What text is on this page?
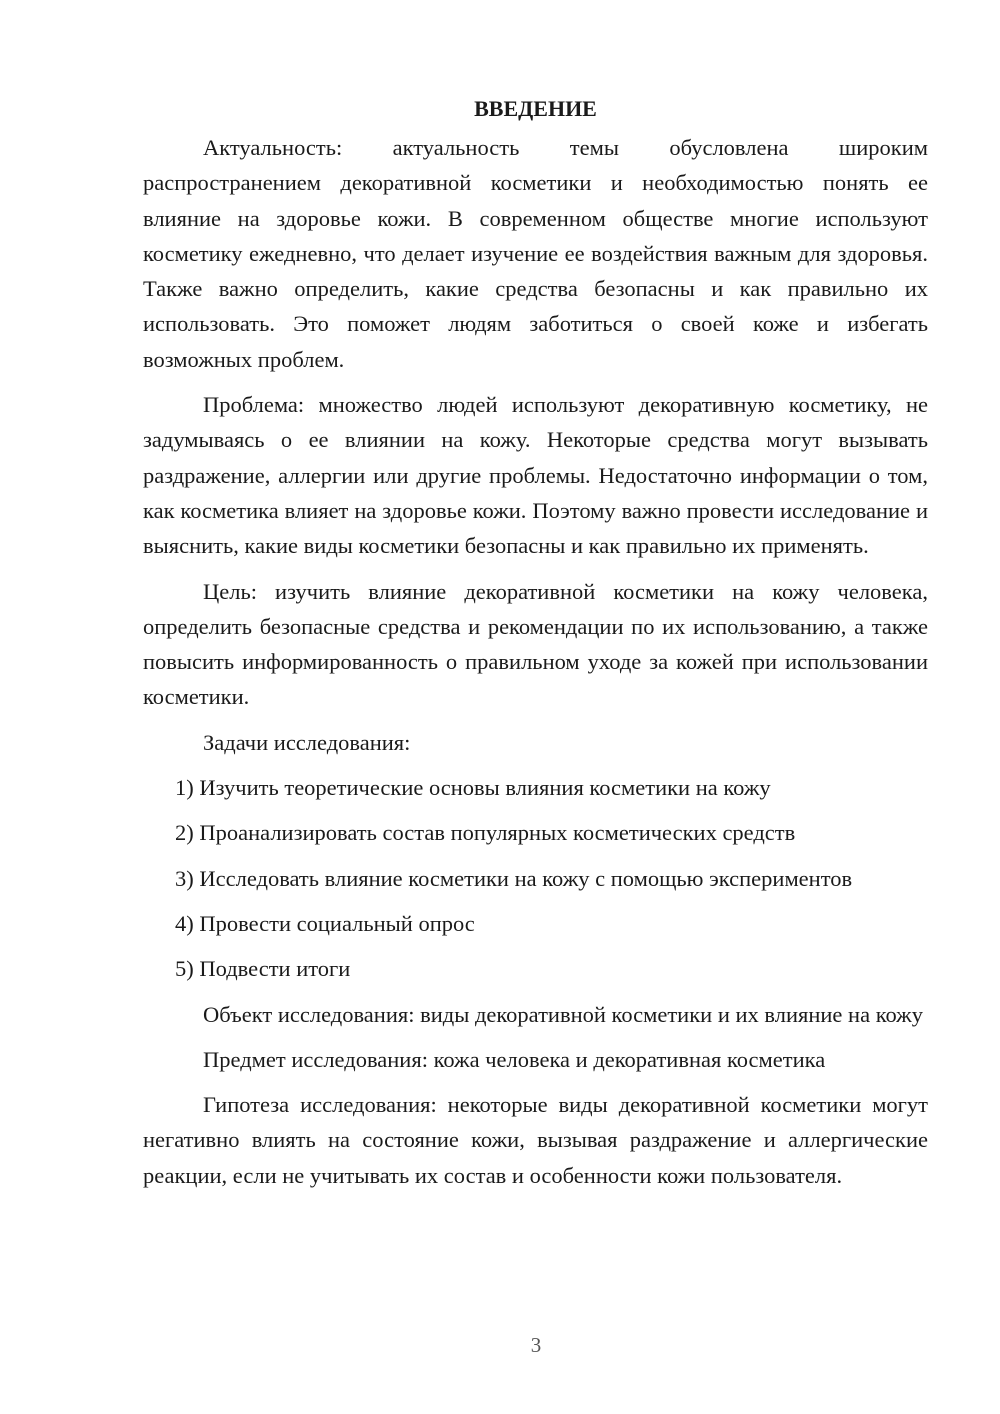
ВВЕДЕНИЕ

Актуальность: актуальность темы обусловлена широким распространением декоративной косметики и необходимостью понять ее влияние на здоровье кожи. В современном обществе многие используют косметику ежедневно, что делает изучение ее воздействия важным для здоровья. Также важно определить, какие средства безопасны и как правильно их использовать. Это поможет людям заботиться о своей коже и избегать возможных проблем.

Проблема: множество людей используют декоративную косметику, не задумываясь о ее влиянии на кожу. Некоторые средства могут вызывать раздражение, аллергии или другие проблемы. Недостаточно информации о том, как косметика влияет на здоровье кожи. Поэтому важно провести исследование и выяснить, какие виды косметики безопасны и как правильно их применять.

Цель: изучить влияние декоративной косметики на кожу человека, определить безопасные средства и рекомендации по их использованию, а также повысить информированность о правильном уходе за кожей при использовании косметики.

Задачи исследования:

1) Изучить теоретические основы влияния косметики на кожу
2) Проанализировать состав популярных косметических средств
3) Исследовать влияние косметики на кожу с помощью экспериментов
4) Провести социальный опрос
5) Подвести итоги

Объект исследования: виды декоративной косметики и их влияние на кожу

Предмет исследования: кожа человека и декоративная косметика

Гипотеза исследования: некоторые виды декоративной косметики могут негативно влиять на состояние кожи, вызывая раздражение и аллергические реакции, если не учитывать их состав и особенности кожи пользователя.

3
